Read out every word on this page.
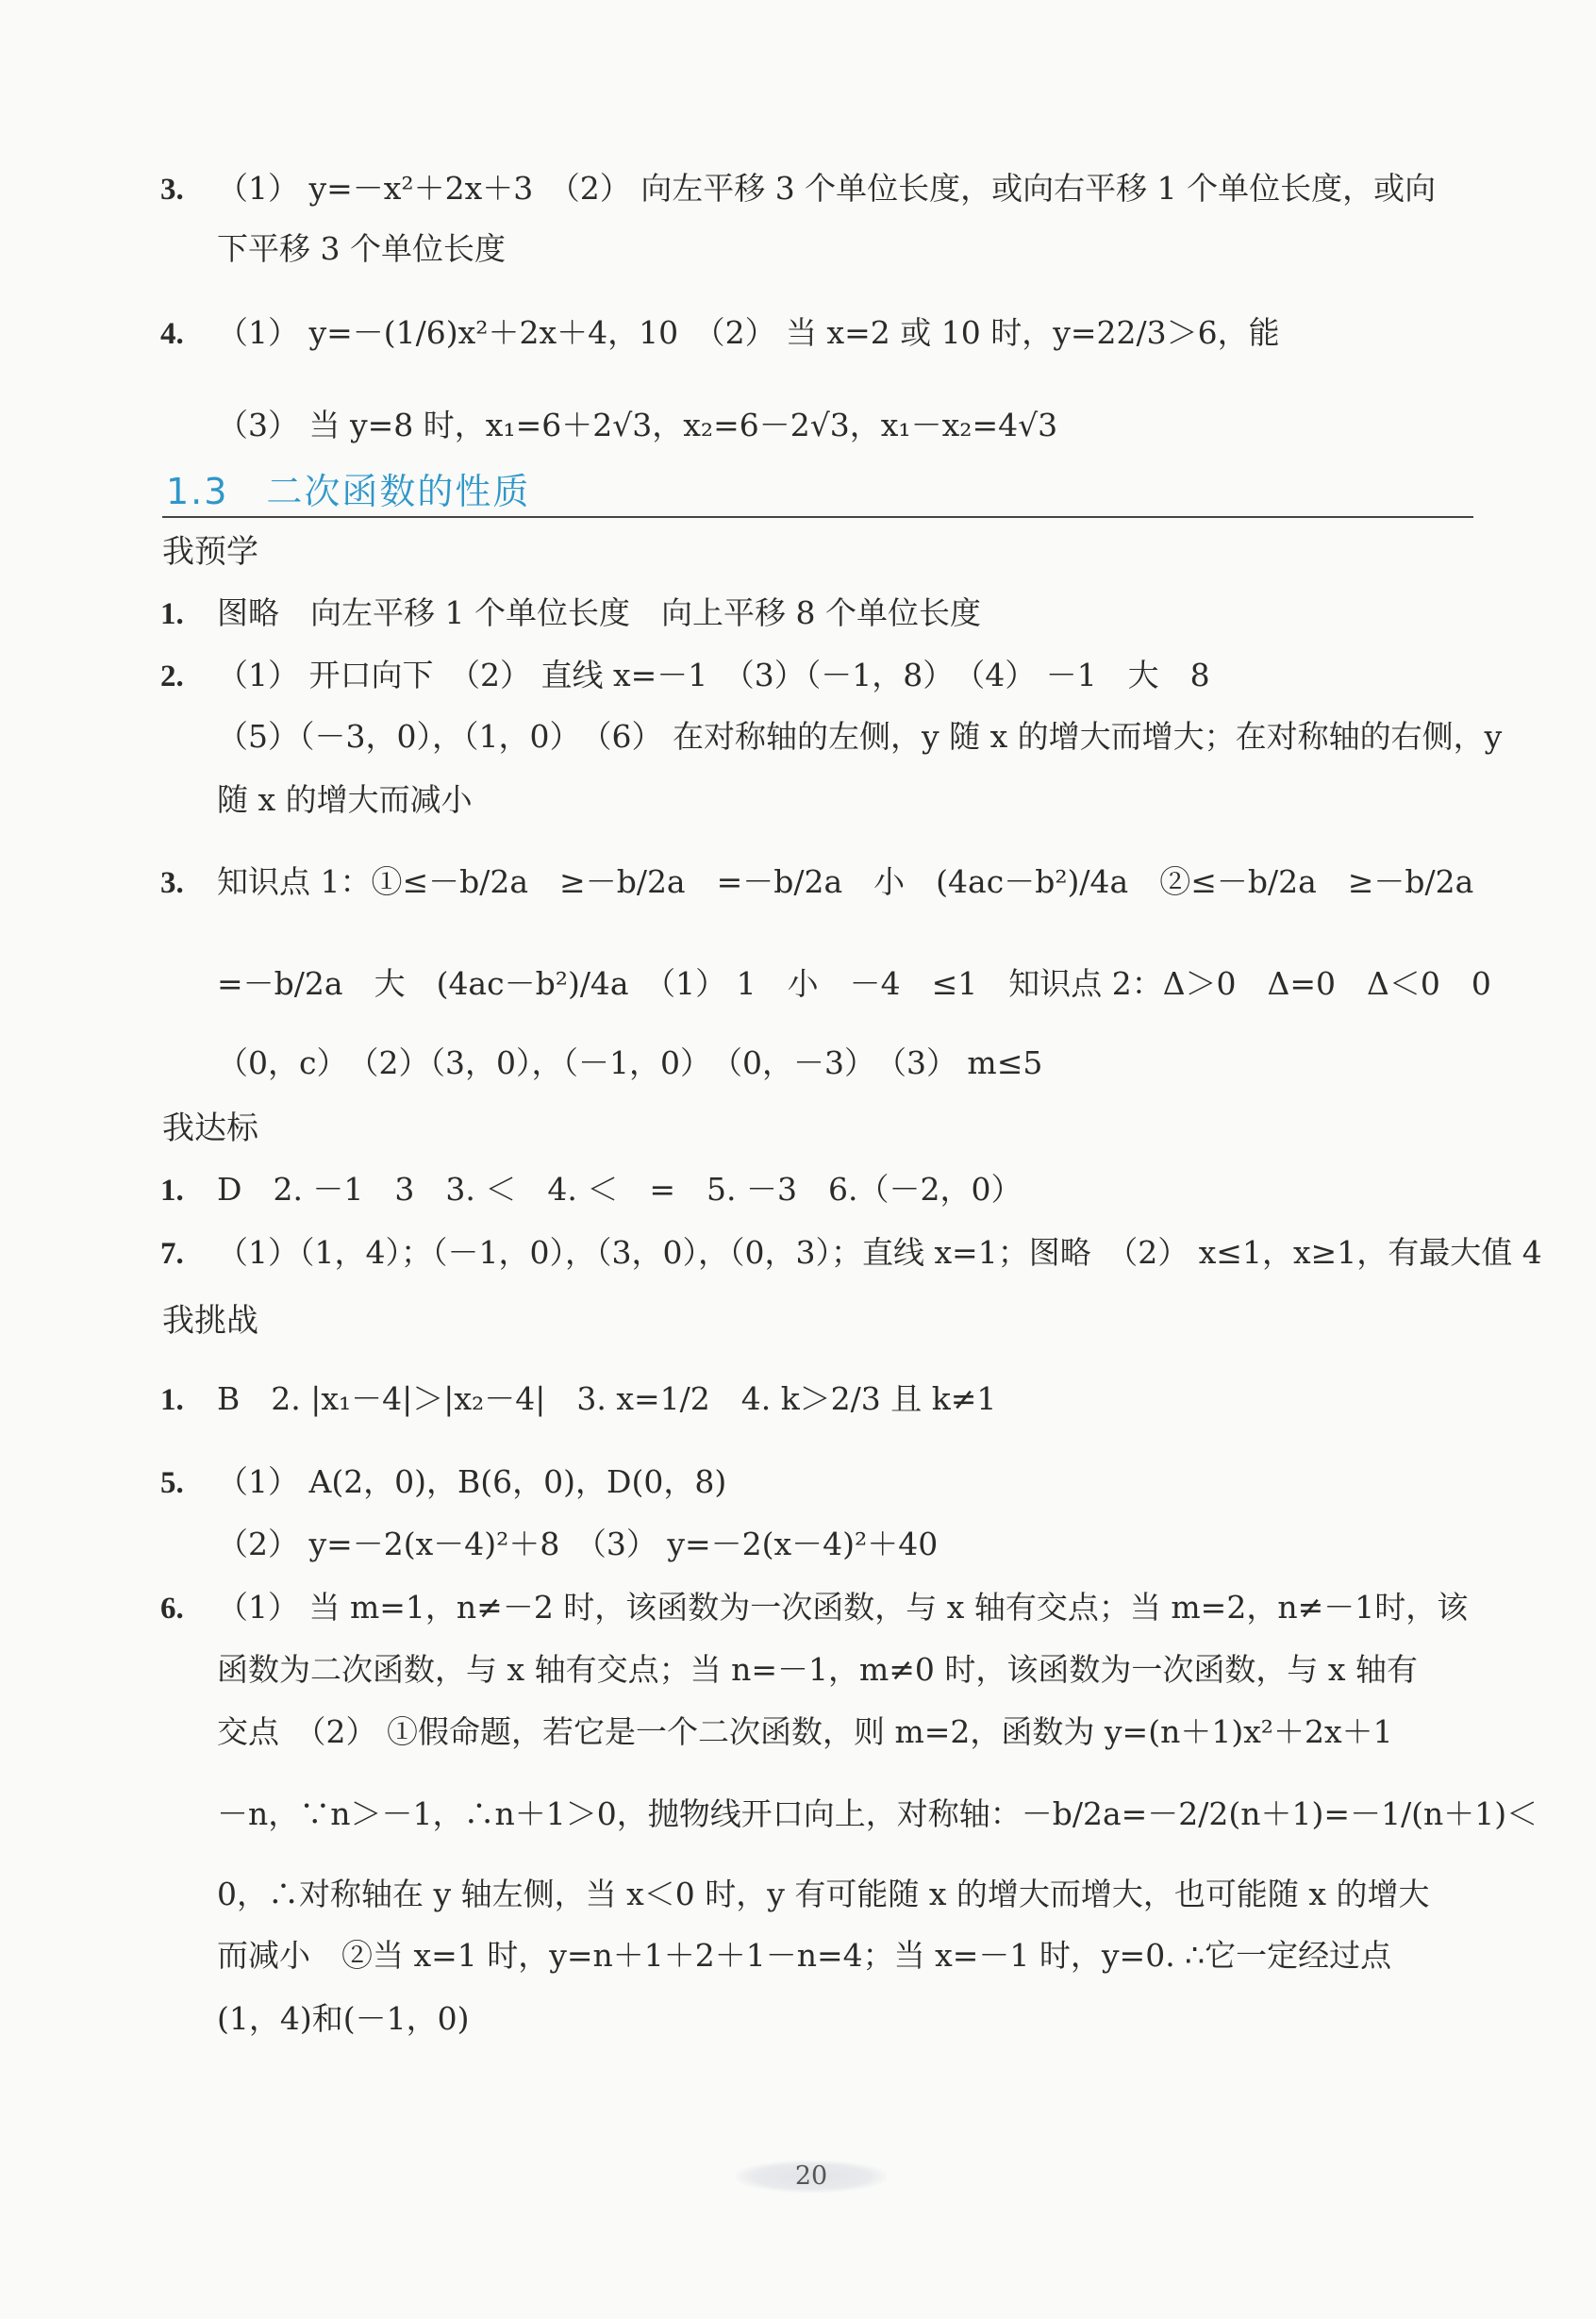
3. （1） y=－x²＋2x＋3　（2） 向左平移 3 个单位长度，或向右平移 1 个单位长度，或向
下平移 3 个单位长度
4. （1） y=－(1/6)x²＋2x＋4，10　（2） 当 x=2 或 10 时，y=22/3＞6，能
（3） 当 y=8 时，x₁=6＋2√3，x₂=6－2√3，x₁－x₂=4√3
1.3　二次函数的性质
我预学
1. 图略　向左平移 1 个单位长度　向上平移 8 个单位长度
2. （1） 开口向下　（2） 直线 x=－1　（3）（－1，8）　（4） －1　大　8
（5）（－3，0），（1，0）　（6） 在对称轴的左侧，y 随 x 的增大而增大；在对称轴的右侧，y
随 x 的增大而减小
3. 知识点 1：①≤－b/2a　≥－b/2a　=－b/2a　小　(4ac－b²)/4a　②≤－b/2a　≥－b/2a
=－b/2a　大　(4ac－b²)/4a　（1） 1　小　－4　≤1　知识点 2：Δ＞0　Δ=0　Δ＜0　0
（0，c）　（2）（3，0），（－1，0）　（0，－3）　（3） m≤5
我达标
1. D　2. －1　3　3. ＜　4. ＜　=　5. －3　6.（－2，0）
7. （1）（1，4）；（－1，0），（3，0），（0，3）；直线 x=1；图略　（2） x≤1，x≥1，有最大值 4
我挑战
1. B　2. |x₁－4|＞|x₂－4|　3. x=1/2　4. k＞2/3 且 k≠1
5. （1） A(2，0)，B(6，0)，D(0，8)
（2） y=－2(x－4)²＋8　（3） y=－2(x－4)²＋40
6. （1） 当 m=1，n≠－2 时，该函数为一次函数，与 x 轴有交点；当 m=2，n≠－1时，该
函数为二次函数，与 x 轴有交点；当 n=－1，m≠0 时，该函数为一次函数，与 x 轴有
交点　（2） ①假命题，若它是一个二次函数，则 m=2，函数为 y=(n＋1)x²＋2x＋1
－n，∵n＞－1，∴n＋1＞0，抛物线开口向上，对称轴：－b/2a=－2/2(n＋1)=－1/(n＋1)＜
0，∴对称轴在 y 轴左侧，当 x＜0 时，y 有可能随 x 的增大而增大，也可能随 x 的增大
而减小　②当 x=1 时，y=n＋1＋2＋1－n=4；当 x=－1 时，y=0. ∴它一定经过点
(1，4)和(－1，0)
20
